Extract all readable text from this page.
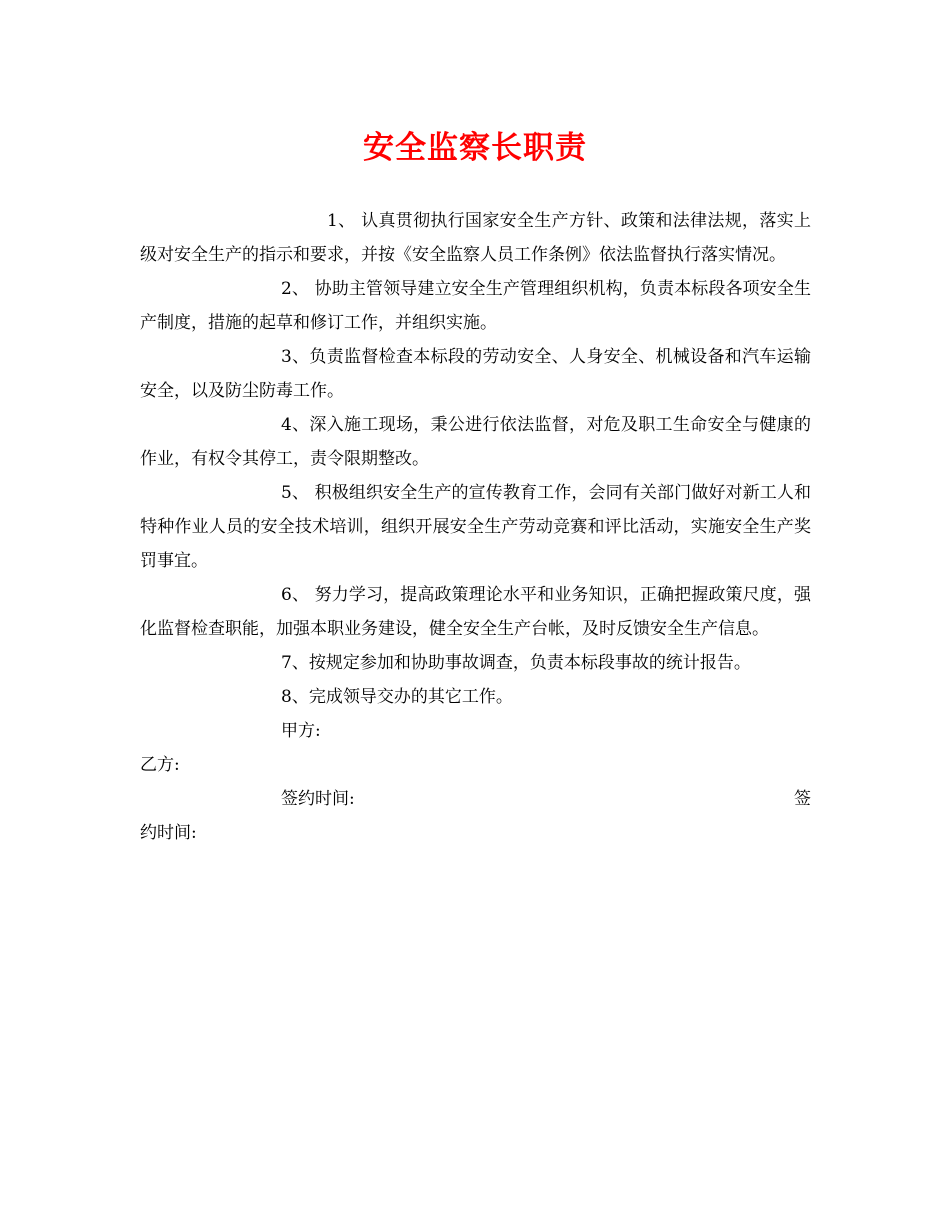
安全监察长职责

1、 认真贯彻执行国家安全生产方针、政策和法律法规，落实上级对安全生产的指示和要求，并按《安全监察人员工作条例》依法监督执行落实情况。

2、 协助主管领导建立安全生产管理组织机构，负责本标段各项安全生产制度，措施的起草和修订工作，并组织实施。

3、负责监督检查本标段的劳动安全、人身安全、机械设备和汽车运输安全，以及防尘防毒工作。

4、深入施工现场，秉公进行依法监督，对危及职工生命安全与健康的作业，有权令其停工，责令限期整改。

5、 积极组织安全生产的宣传教育工作，会同有关部门做好对新工人和特种作业人员的安全技术培训，组织开展安全生产劳动竞赛和评比活动，实施安全生产奖罚事宜。

6、 努力学习，提高政策理论水平和业务知识，正确把握政策尺度，强化监督检查职能，加强本职业务建设，健全安全生产台帐，及时反馈安全生产信息。

7、按规定参加和协助事故调查，负责本标段事故的统计报告。

8、完成领导交办的其它工作。

甲方:
乙方:
签约时间:	签
约时间:
